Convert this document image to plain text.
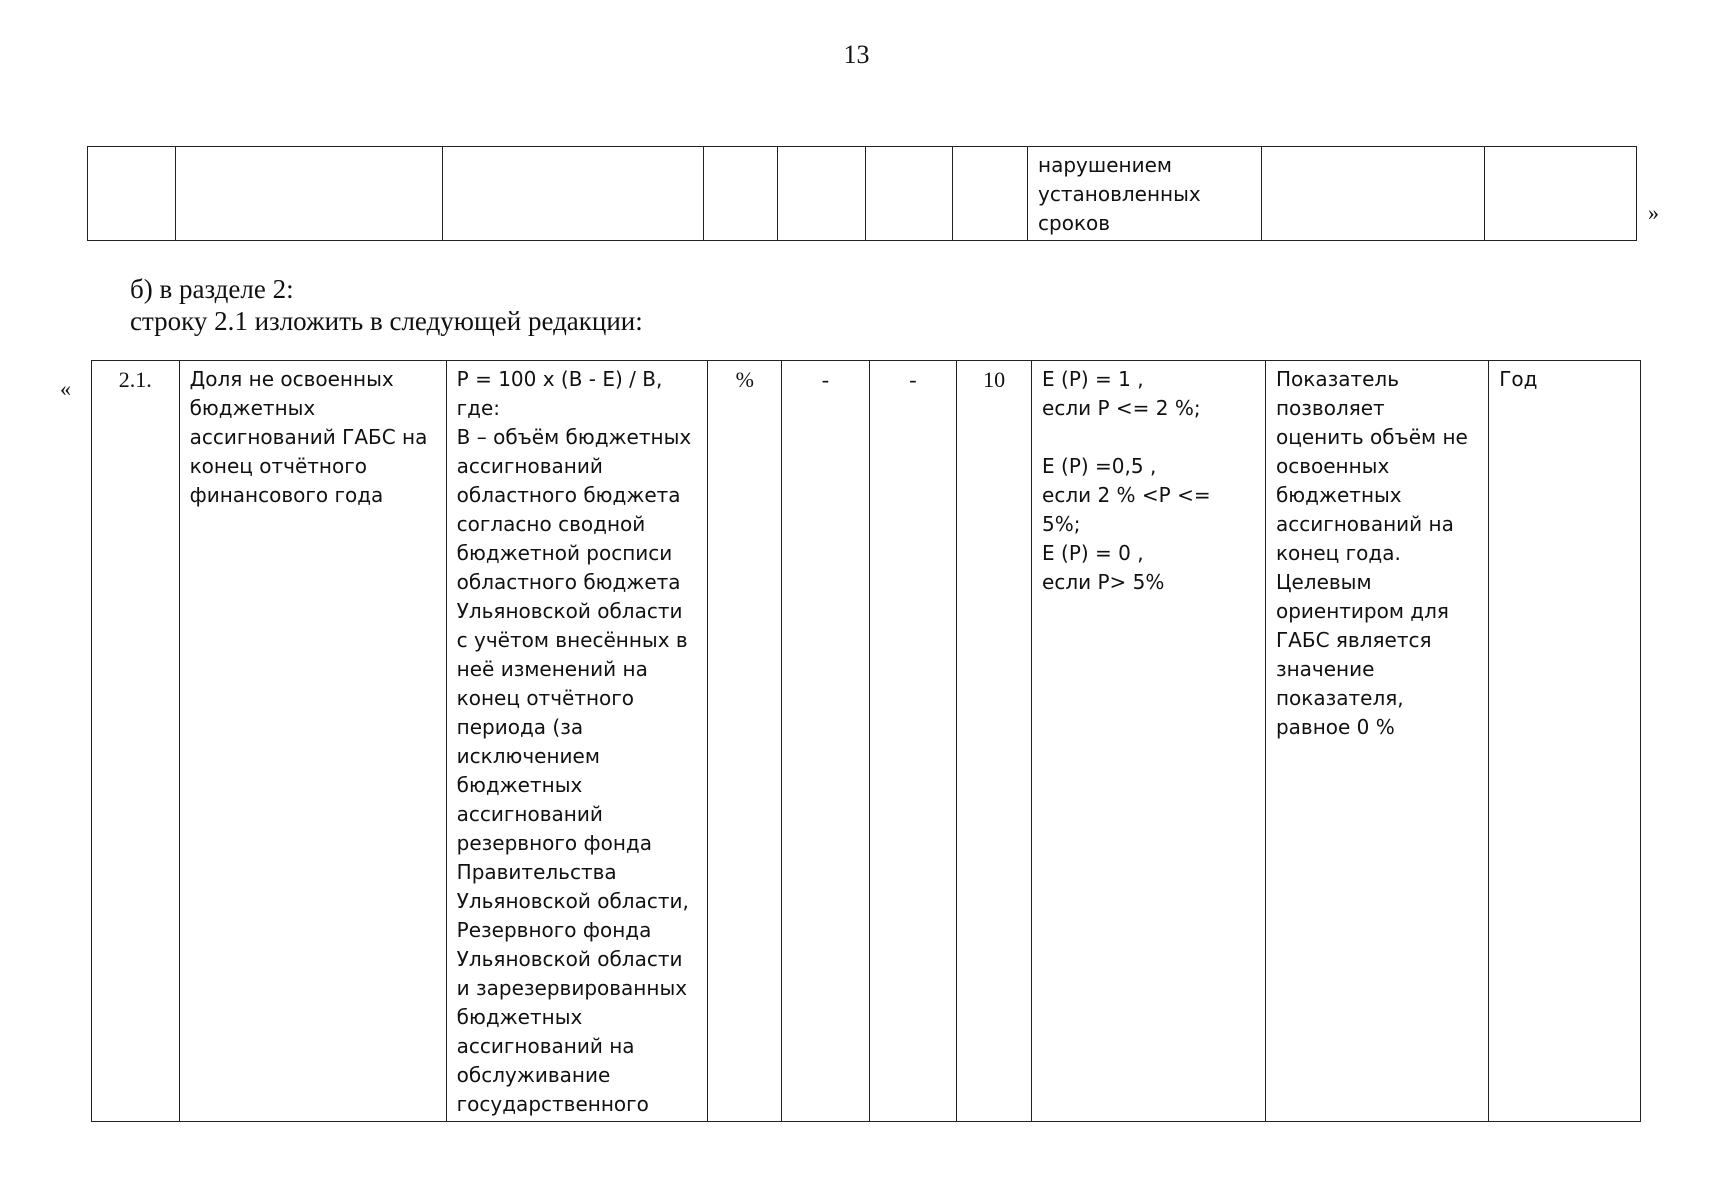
13
							нарушением
установленных
сроков			»
б) в разделе 2:
строку 2.1 изложить в следующей редакции:
« 2.1.	Доля не освоенных бюджетных ассигнований ГАБС на конец отчётного финансового года	P = 100 x (B - E) / B,
где:
B – объём бюджетных ассигнований областного бюджета согласно сводной бюджетной росписи областного бюджета Ульяновской области с учётом внесённых в неё изменений на конец отчётного периода (за исключением бюджетных ассигнований резервного фонда Правительства Ульяновской области, Резервного фонда Ульяновской области и зарезервированных бюджетных ассигнований на обслуживание государственного	%	-	-	10	E (P) = 1 ,
если P <= 2 %;

E (P) =0,5 ,
если 2 % <P <= 5%;
E (P) = 0 ,
если P> 5%	Показатель позволяет оценить объём не освоенных бюджетных ассигнований на конец года. Целевым ориентиром для ГАБС является значение показателя, равное 0 %	Год
